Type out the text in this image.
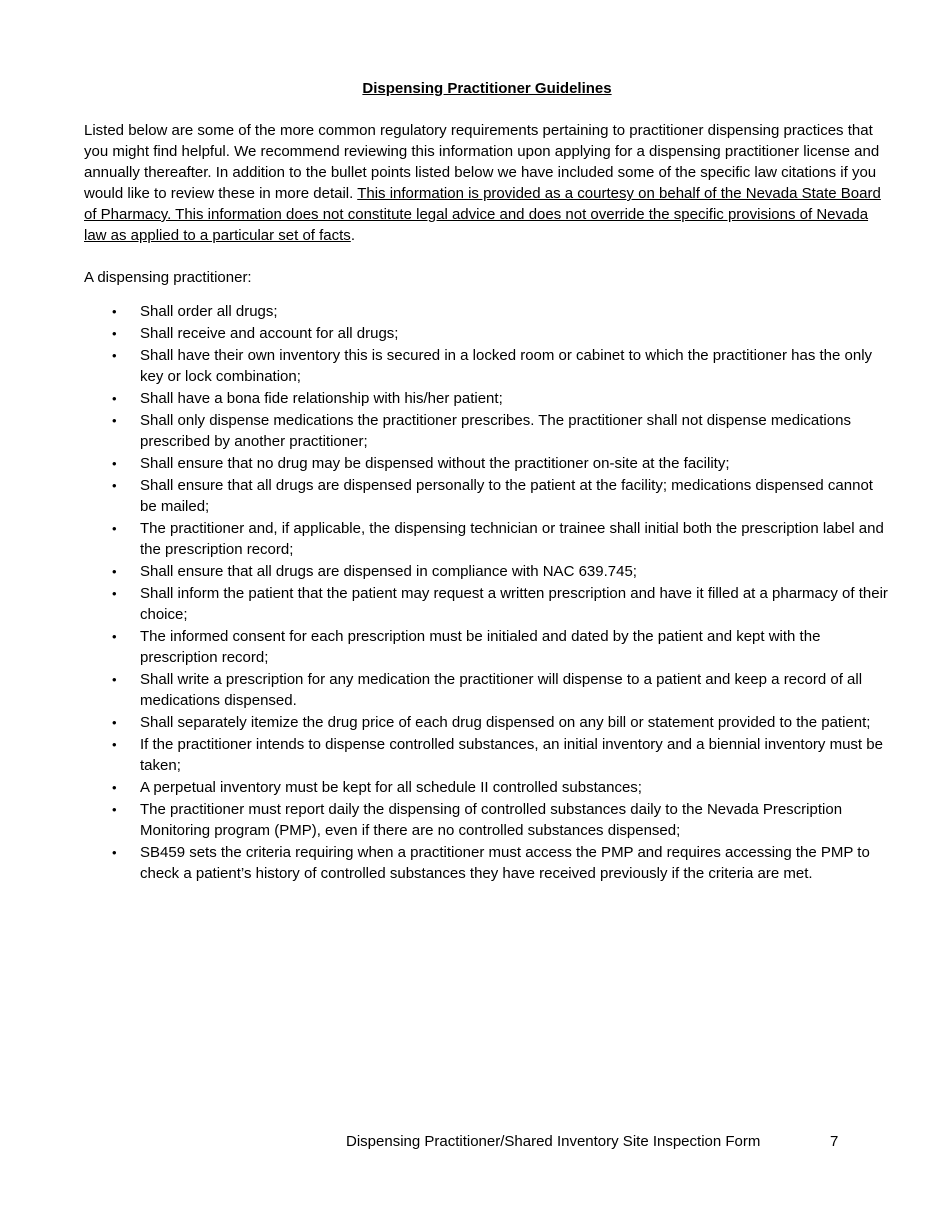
Dispensing Practitioner Guidelines

Listed below are some of the more common regulatory requirements pertaining to practitioner dispensing practices that you might find helpful. We recommend reviewing this information upon applying for a dispensing practitioner license and annually thereafter. In addition to the bullet points listed below we have included some of the specific law citations if you would like to review these in more detail. This information is provided as a courtesy on behalf of the Nevada State Board of Pharmacy. This information does not constitute legal advice and does not override the specific provisions of Nevada law as applied to a particular set of facts.

A dispensing practitioner:

• Shall order all drugs;
• Shall receive and account for all drugs;
• Shall have their own inventory this is secured in a locked room or cabinet to which the practitioner has the only key or lock combination;
• Shall have a bona fide relationship with his/her patient;
• Shall only dispense medications the practitioner prescribes. The practitioner shall not dispense medications prescribed by another practitioner;
• Shall ensure that no drug may be dispensed without the practitioner on-site at the facility;
• Shall ensure that all drugs are dispensed personally to the patient at the facility; medications dispensed cannot be mailed;
• The practitioner and, if applicable, the dispensing technician or trainee shall initial both the prescription label and the prescription record;
• Shall ensure that all drugs are dispensed in compliance with NAC 639.745;
• Shall inform the patient that the patient may request a written prescription and have it filled at a pharmacy of their choice;
• The informed consent for each prescription must be initialed and dated by the patient and kept with the prescription record;
• Shall write a prescription for any medication the practitioner will dispense to a patient and keep a record of all medications dispensed.
• Shall separately itemize the drug price of each drug dispensed on any bill or statement provided to the patient;
• If the practitioner intends to dispense controlled substances, an initial inventory and a biennial inventory must be taken;
• A perpetual inventory must be kept for all schedule II controlled substances;
• The practitioner must report daily the dispensing of controlled substances daily to the Nevada Prescription Monitoring program (PMP), even if there are no controlled substances dispensed;
• SB459 sets the criteria requiring when a practitioner must access the PMP and requires accessing the PMP to check a patient’s history of controlled substances they have received previously if the criteria are met.
Dispensing Practitioner/Shared Inventory Site Inspection Form	7
